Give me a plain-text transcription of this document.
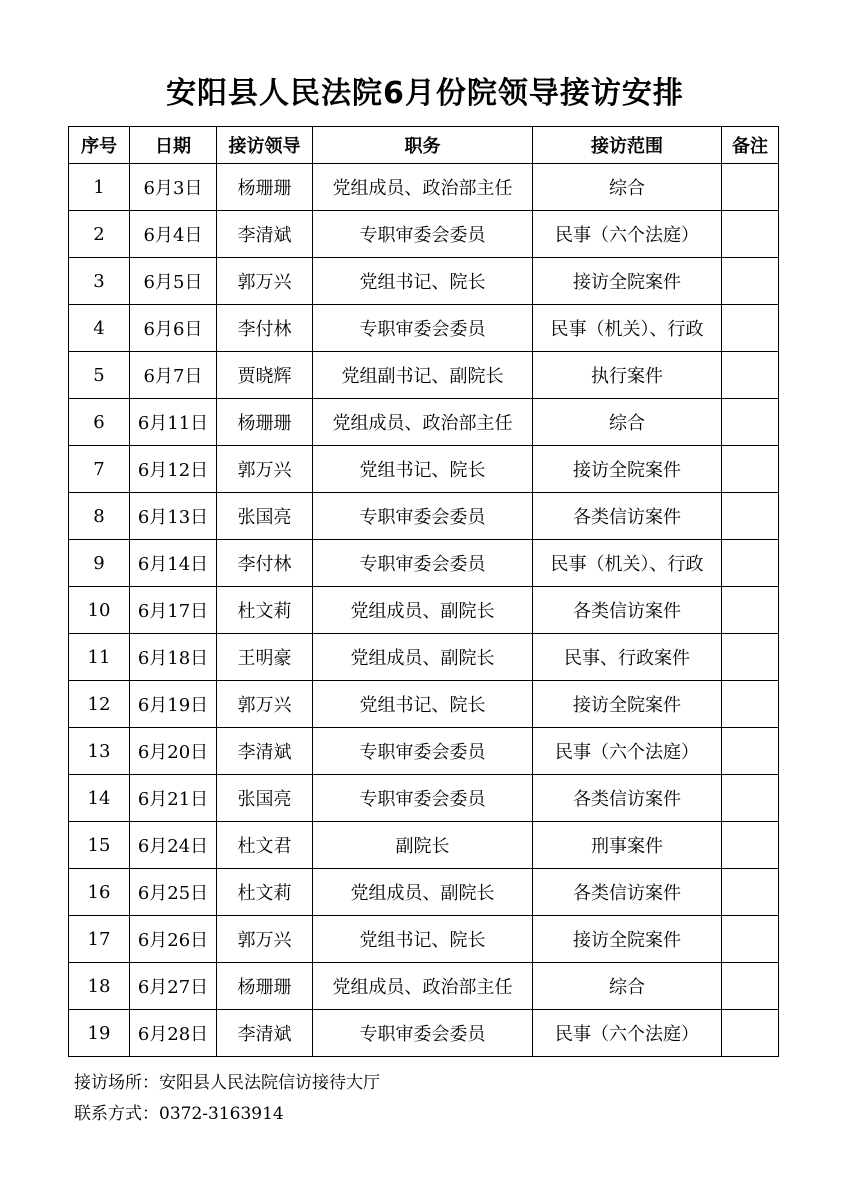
安阳县人民法院6月份院领导接访安排
序号	日期	接访领导	职务	接访范围	备注
1	6月3日	杨珊珊	党组成员、政治部主任	综合	
2	6月4日	李清斌	专职审委会委员	民事（六个法庭）	
3	6月5日	郭万兴	党组书记、院长	接访全院案件	
4	6月6日	李付林	专职审委会委员	民事（机关）、行政	
5	6月7日	贾晓辉	党组副书记、副院长	执行案件	
6	6月11日	杨珊珊	党组成员、政治部主任	综合	
7	6月12日	郭万兴	党组书记、院长	接访全院案件	
8	6月13日	张国亮	专职审委会委员	各类信访案件	
9	6月14日	李付林	专职审委会委员	民事（机关）、行政	
10	6月17日	杜文莉	党组成员、副院长	各类信访案件	
11	6月18日	王明豪	党组成员、副院长	民事、行政案件	
12	6月19日	郭万兴	党组书记、院长	接访全院案件	
13	6月20日	李清斌	专职审委会委员	民事（六个法庭）	
14	6月21日	张国亮	专职审委会委员	各类信访案件	
15	6月24日	杜文君	副院长	刑事案件	
16	6月25日	杜文莉	党组成员、副院长	各类信访案件	
17	6月26日	郭万兴	党组书记、院长	接访全院案件	
18	6月27日	杨珊珊	党组成员、政治部主任	综合	
19	6月28日	李清斌	专职审委会委员	民事（六个法庭）	
接访场所：安阳县人民法院信访接待大厅
联系方式：0372-3163914
